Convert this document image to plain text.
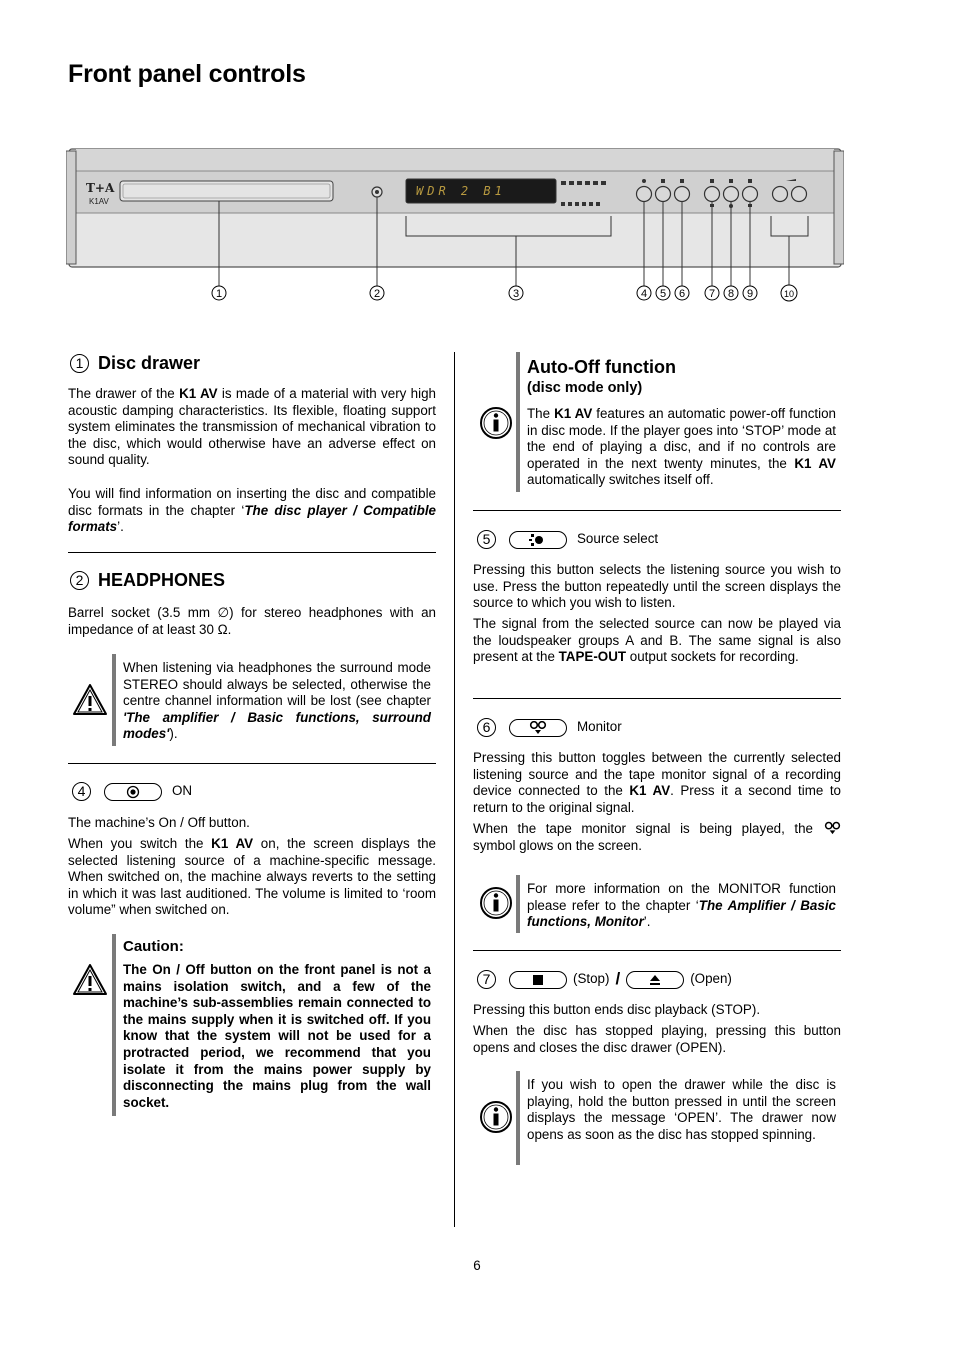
Front panel controls
T+A
K1AV
WDR 2 B1
1	2	3	4 5 6 7 8 9	10
1 Disc drawer

The drawer of the K1 AV is made of a material with very high acoustic damping characteristics. Its flexible, floating support system eliminates the transmission of mechanical vibration to the disc, which would otherwise have an adverse effect on sound quality.

You will find information on inserting the disc and compatible disc formats in the chapter ‘The disc player / Compatible formats’.

2 HEADPHONES

Barrel socket (3.5 mm ∅) for stereo headphones with an impedance of at least 30 Ω.

When listening via headphones the surround mode STEREO should always be selected, otherwise the centre channel information will be lost (see chapter 'The amplifier / Basic functions, surround modes').

4	ON

The machine’s On / Off button.

When you switch the K1 AV on, the screen displays the selected listening source of a machine-specific message. When switched on, the machine always reverts to the setting in which it was last auditioned. The volume is limited to ‘room volume” when switched on.

Caution:

The On / Off button on the front panel is not a mains isolation switch, and a few of the machine’s sub-assemblies remain connected to the mains supply when it is switched off. If you know that the system will not be used for a protracted period, we recommend that you isolate it from the mains power supply by disconnecting the mains plug from the wall socket.

Auto-Off function

(disc mode only)

The K1 AV features an automatic power-off function in disc mode. If the player goes into ‘STOP’ mode at the end of playing a disc, and if no controls are operated in the next twenty minutes, the K1 AV automatically switches itself off.

5	Source select

Pressing this button selects the listening source you wish to use. Press the button repeatedly until the screen displays the source to which you wish to listen.

The signal from the selected source can now be played via the loudspeaker groups A and B. The same signal is also present at the TAPE-OUT output sockets for recording.

6	Monitor

Pressing this button toggles between the currently selected listening source and the tape monitor signal of a recording device connected to the K1 AV. Press it a second time to return to the original signal.

When the tape monitor signal is being played, the

symbol glows on the screen.

For more information on the MONITOR function please refer to the chapter ‘The Amplifier / Basic functions, Monitor’.

7	(Stop) /	(Open)

Pressing this button ends disc playback (STOP).

When the disc has stopped playing, pressing this button opens and closes the disc drawer (OPEN).

If you wish to open the drawer while the disc is playing, hold the button pressed in until the screen displays the message ‘OPEN’. The drawer now opens as soon as the disc has stopped spinning.

6
